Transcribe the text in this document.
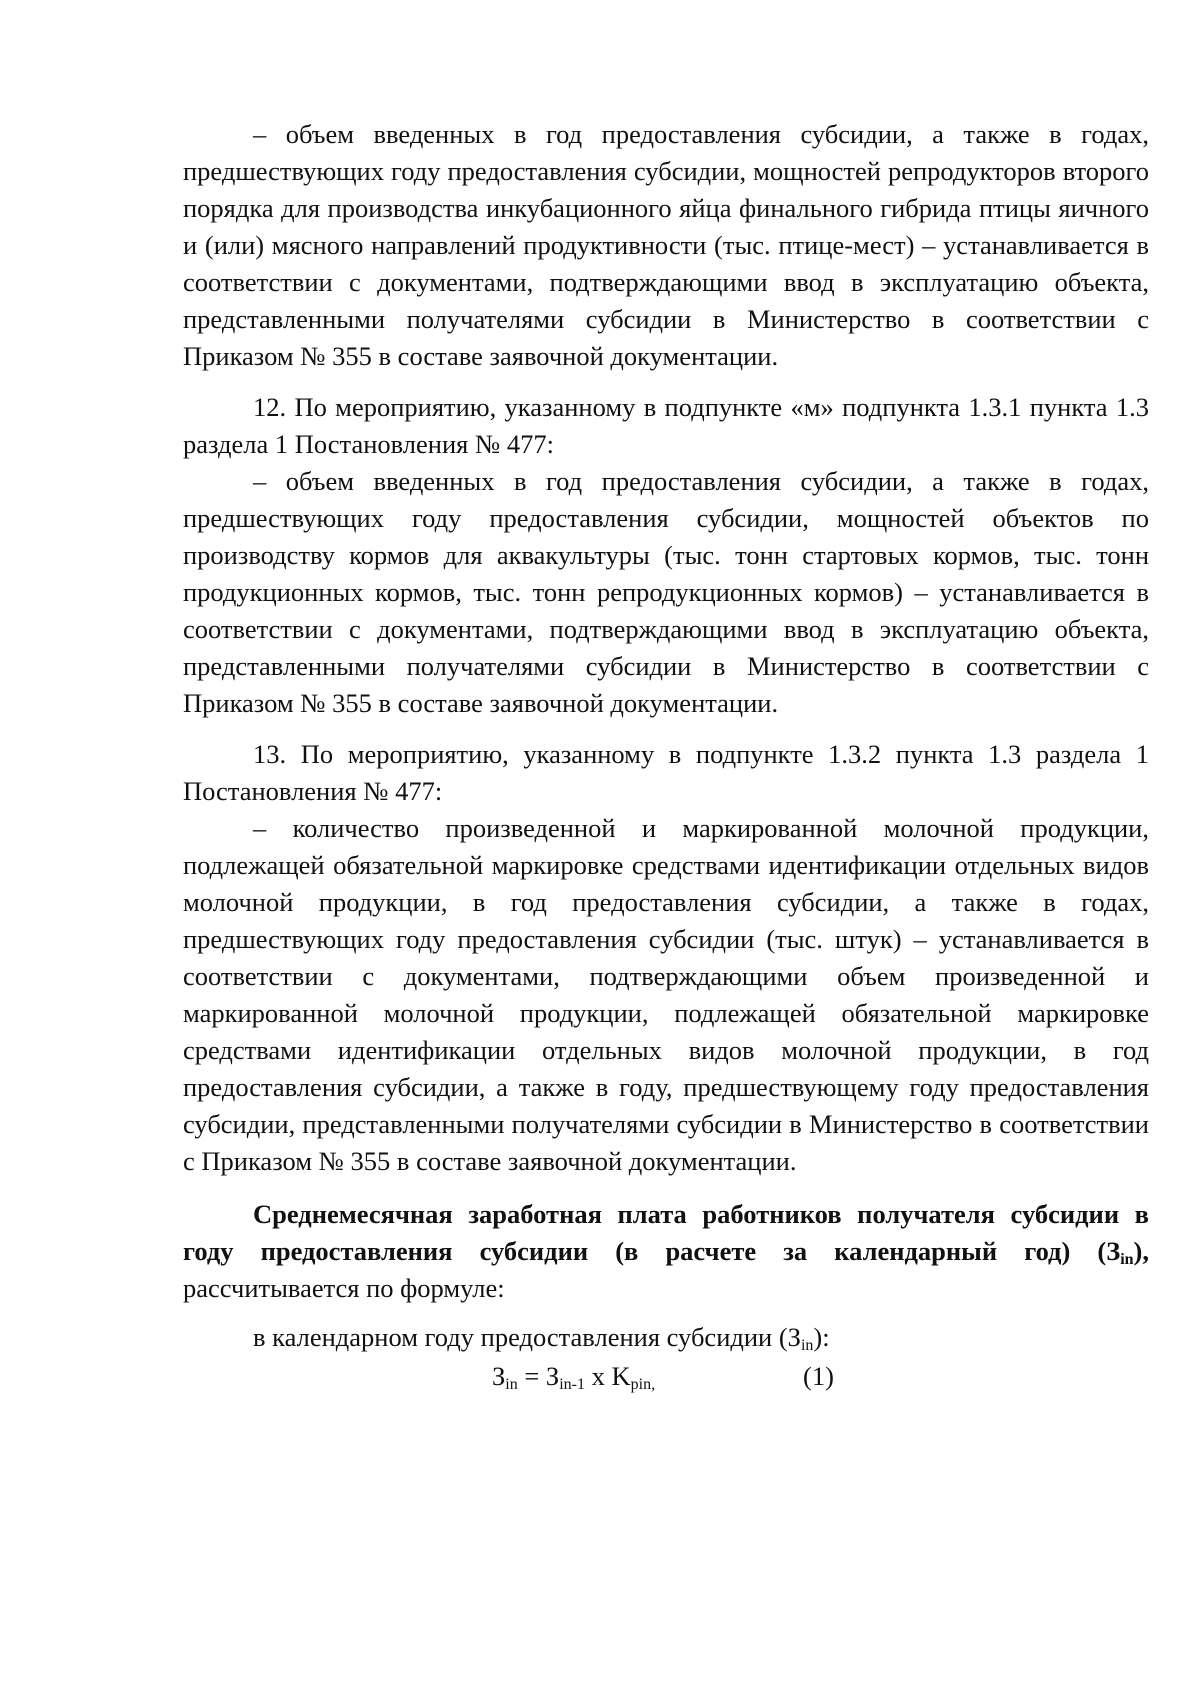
– объем введенных в год предоставления субсидии, а также в годах, предшествующих году предоставления субсидии, мощностей репродукторов второго порядка для производства инкубационного яйца финального гибрида птицы яичного и (или) мясного направлений продуктивности (тыс. птице-мест) – устанавливается в соответствии с документами, подтверждающими ввод в эксплуатацию объекта, представленными получателями субсидии в Министерство в соответствии с Приказом № 355 в составе заявочной документации.

12. По мероприятию, указанному в подпункте «м» подпункта 1.3.1 пункта 1.3 раздела 1 Постановления № 477:

– объем введенных в год предоставления субсидии, а также в годах, предшествующих году предоставления субсидии, мощностей объектов по производству кормов для аквакультуры (тыс. тонн стартовых кормов, тыс. тонн продукционных кормов, тыс. тонн репродукционных кормов) – устанавливается в соответствии с документами, подтверждающими ввод в эксплуатацию объекта, представленными получателями субсидии в Министерство в соответствии с Приказом № 355 в составе заявочной документации.

13. По мероприятию, указанному в подпункте 1.3.2 пункта 1.3 раздела 1 Постановления № 477:

– количество произведенной и маркированной молочной продукции, подлежащей обязательной маркировке средствами идентификации отдельных видов молочной продукции, в год предоставления субсидии, а также в годах, предшествующих году предоставления субсидии (тыс. штук) – устанавливается в соответствии с документами, подтверждающими объем произведенной и маркированной молочной продукции, подлежащей обязательной маркировке средствами идентификации отдельных видов молочной продукции, в год предоставления субсидии, а также в году, предшествующему году предоставления субсидии, представленными получателями субсидии в Министерство в соответствии с Приказом № 355 в составе заявочной документации.

Среднемесячная заработная плата работников получателя субсидии в году предоставления субсидии (в расчете за календарный год) $(З_{in})$, рассчитывается по формуле:

в календарном году предоставления субсидии $(З_{in})$:

$З_{in} = З_{in-1}$ x $K_{pin,}$	(1)
